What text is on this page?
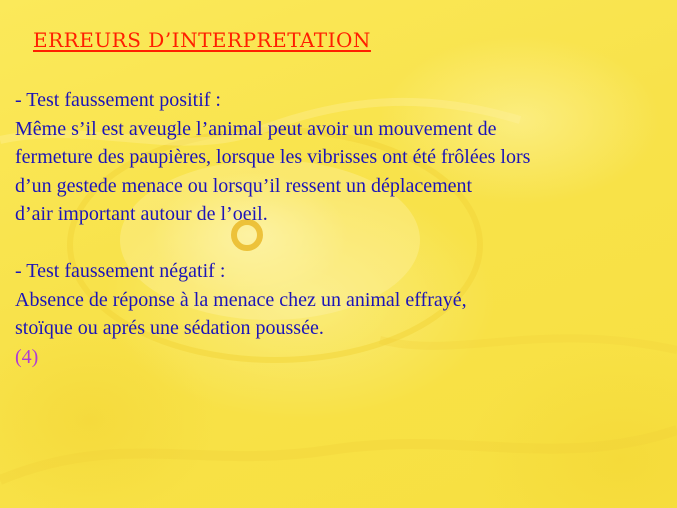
ERREURS D’INTERPRETATION
- Test faussement positif :
Même s’il est aveugle l’animal peut avoir un mouvement de
fermeture des paupières, lorsque les vibrisses ont été frôlées lors
d’un gestede menace ou lorsqu’il ressent un déplacement
d’air important autour de l’oeil.
- Test faussement négatif :
Absence de réponse à la menace chez un animal effrayé,
stoïque ou aprés une sédation poussée.
(4)
